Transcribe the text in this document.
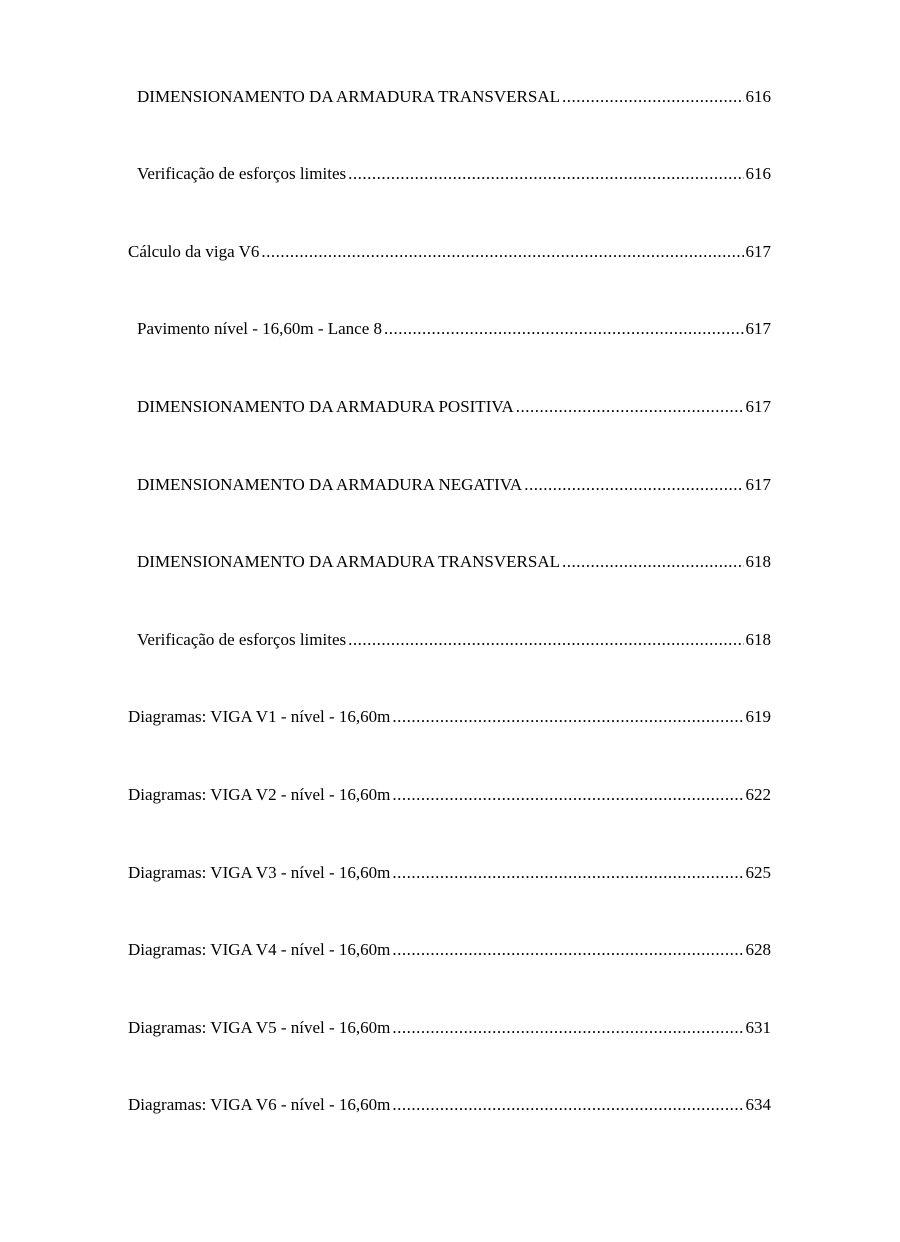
DIMENSIONAMENTO DA ARMADURA TRANSVERSAL .....	616
Verificação de esforços limites .....	616
Cálculo da viga V6 .....	617
Pavimento nível - 16,60m - Lance 8 .....	617
DIMENSIONAMENTO DA ARMADURA POSITIVA .....	617
DIMENSIONAMENTO DA ARMADURA NEGATIVA .....	617
DIMENSIONAMENTO DA ARMADURA TRANSVERSAL .....	618
Verificação de esforços limites .....	618
Diagramas: VIGA V1 - nível - 16,60m .....	619
Diagramas: VIGA V2 - nível - 16,60m .....	622
Diagramas: VIGA V3 - nível - 16,60m .....	625
Diagramas: VIGA V4 - nível - 16,60m .....	628
Diagramas: VIGA V5 - nível - 16,60m .....	631
Diagramas: VIGA V6 - nível - 16,60m .....	634
